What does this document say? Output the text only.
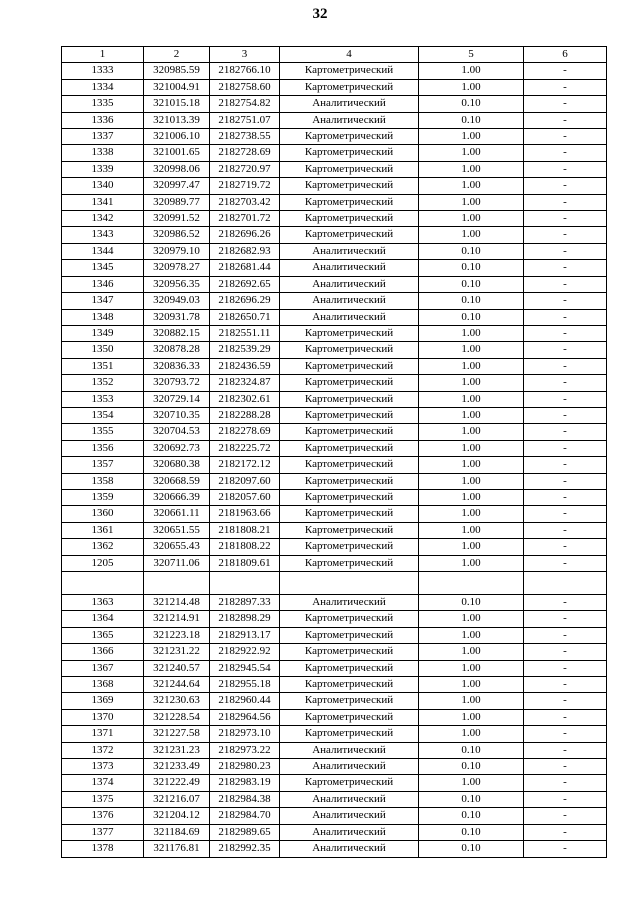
32
1	2	3	4	5	6
1333	320985.59	2182766.10	Картометрический	1.00	-
1334	321004.91	2182758.60	Картометрический	1.00	-
1335	321015.18	2182754.82	Аналитический	0.10	-
1336	321013.39	2182751.07	Аналитический	0.10	-
1337	321006.10	2182738.55	Картометрический	1.00	-
1338	321001.65	2182728.69	Картометрический	1.00	-
1339	320998.06	2182720.97	Картометрический	1.00	-
1340	320997.47	2182719.72	Картометрический	1.00	-
1341	320989.77	2182703.42	Картометрический	1.00	-
1342	320991.52	2182701.72	Картометрический	1.00	-
1343	320986.52	2182696.26	Картометрический	1.00	-
1344	320979.10	2182682.93	Аналитический	0.10	-
1345	320978.27	2182681.44	Аналитический	0.10	-
1346	320956.35	2182692.65	Аналитический	0.10	-
1347	320949.03	2182696.29	Аналитический	0.10	-
1348	320931.78	2182650.71	Аналитический	0.10	-
1349	320882.15	2182551.11	Картометрический	1.00	-
1350	320878.28	2182539.29	Картометрический	1.00	-
1351	320836.33	2182436.59	Картометрический	1.00	-
1352	320793.72	2182324.87	Картометрический	1.00	-
1353	320729.14	2182302.61	Картометрический	1.00	-
1354	320710.35	2182288.28	Картометрический	1.00	-
1355	320704.53	2182278.69	Картометрический	1.00	-
1356	320692.73	2182225.72	Картометрический	1.00	-
1357	320680.38	2182172.12	Картометрический	1.00	-
1358	320668.59	2182097.60	Картометрический	1.00	-
1359	320666.39	2182057.60	Картометрический	1.00	-
1360	320661.11	2181963.66	Картометрический	1.00	-
1361	320651.55	2181808.21	Картометрический	1.00	-
1362	320655.43	2181808.22	Картометрический	1.00	-
1205	320711.06	2181809.61	Картометрический	1.00	-

1363	321214.48	2182897.33	Аналитический	0.10	-
1364	321214.91	2182898.29	Картометрический	1.00	-
1365	321223.18	2182913.17	Картометрический	1.00	-
1366	321231.22	2182922.92	Картометрический	1.00	-
1367	321240.57	2182945.54	Картометрический	1.00	-
1368	321244.64	2182955.18	Картометрический	1.00	-
1369	321230.63	2182960.44	Картометрический	1.00	-
1370	321228.54	2182964.56	Картометрический	1.00	-
1371	321227.58	2182973.10	Картометрический	1.00	-
1372	321231.23	2182973.22	Аналитический	0.10	-
1373	321233.49	2182980.23	Аналитический	0.10	-
1374	321222.49	2182983.19	Картометрический	1.00	-
1375	321216.07	2182984.38	Аналитический	0.10	-
1376	321204.12	2182984.70	Аналитический	0.10	-
1377	321184.69	2182989.65	Аналитический	0.10	-
1378	321176.81	2182992.35	Аналитический	0.10	-
